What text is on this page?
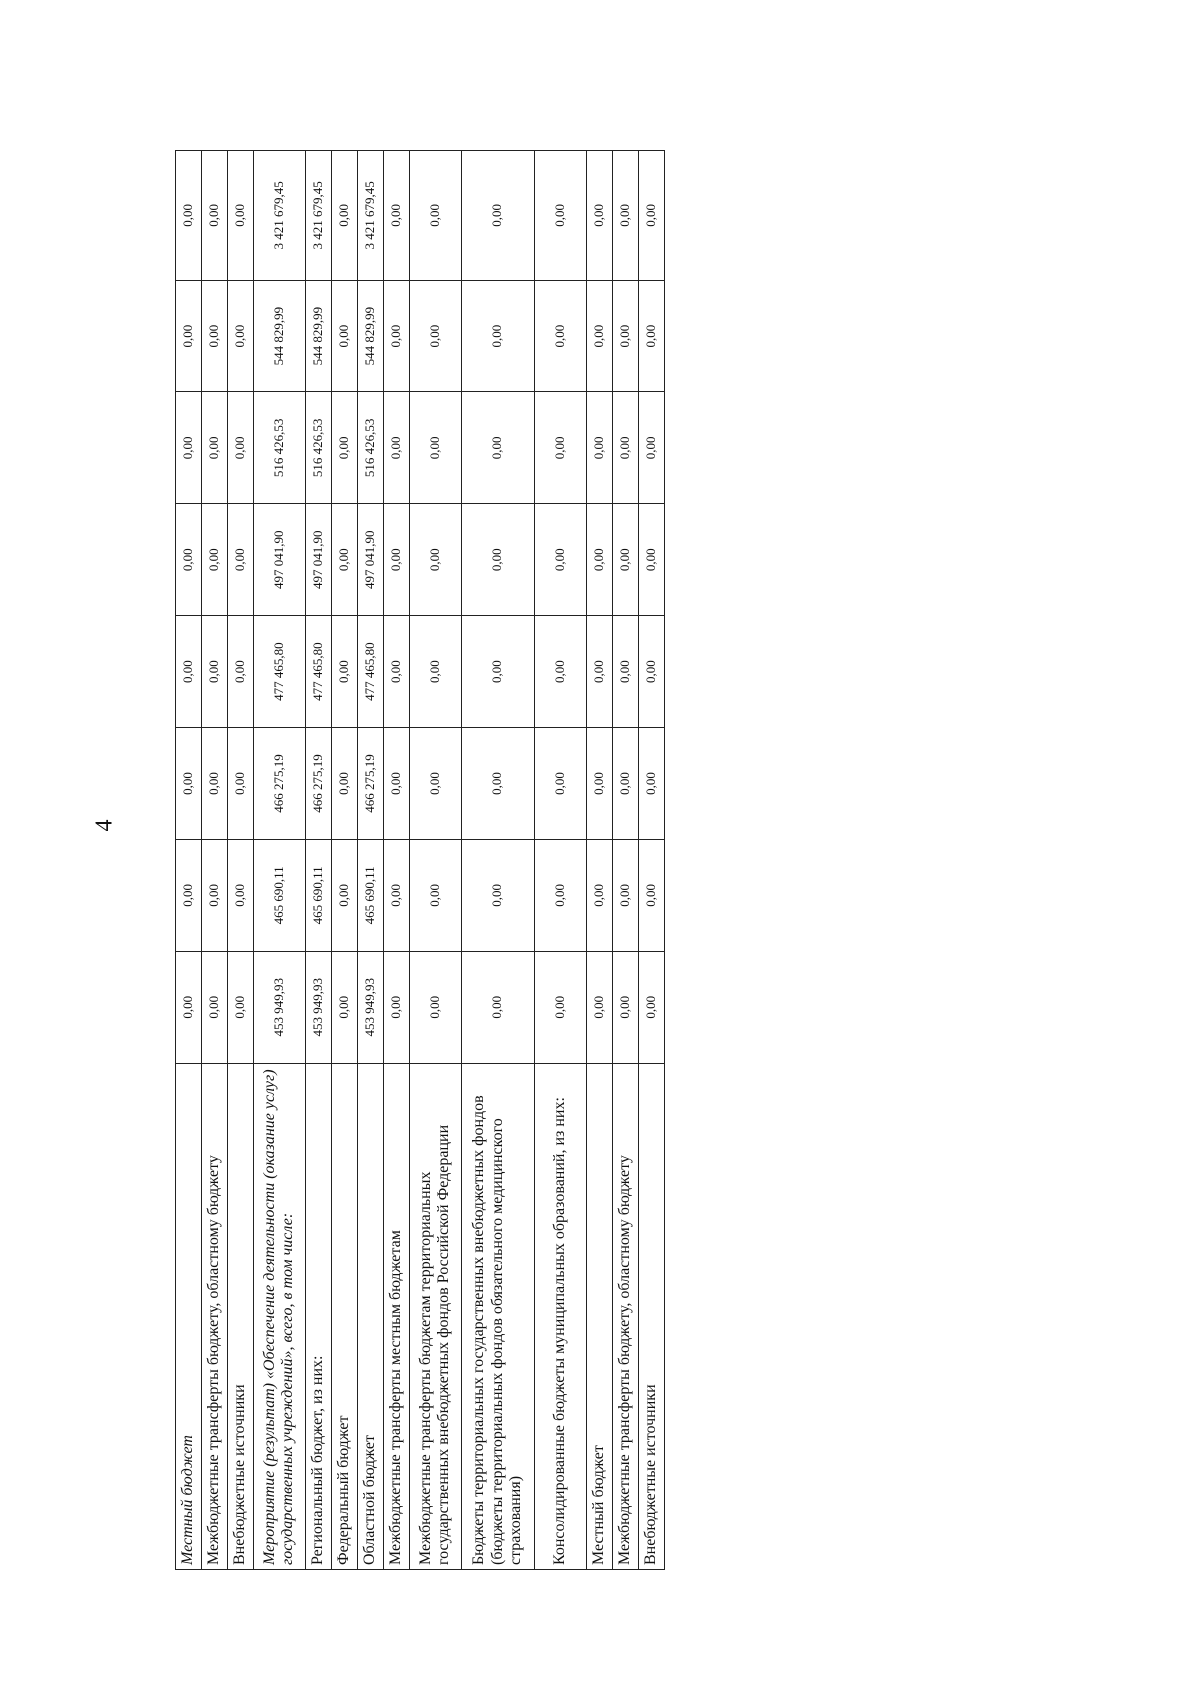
4
Местный бюджет	0,00	0,00	0,00	0,00	0,00	0,00	0,00	0,00
Межбюджетные трансферты бюджету, областному бюджету	0,00	0,00	0,00	0,00	0,00	0,00	0,00	0,00
Внебюджетные источники	0,00	0,00	0,00	0,00	0,00	0,00	0,00	0,00
Мероприятие (результат) «Обеспечение деятельности (оказание услуг) государственных учреждений», всего, в том числе:	453 949,93	465 690,11	466 275,19	477 465,80	497 041,90	516 426,53	544 829,99	3 421 679,45
Региональный бюджет, из них:	453 949,93	465 690,11	466 275,19	477 465,80	497 041,90	516 426,53	544 829,99	3 421 679,45
Федеральный бюджет	0,00	0,00	0,00	0,00	0,00	0,00	0,00	0,00
Областной бюджет	453 949,93	465 690,11	466 275,19	477 465,80	497 041,90	516 426,53	544 829,99	3 421 679,45
Межбюджетные трансферты местным бюджетам	0,00	0,00	0,00	0,00	0,00	0,00	0,00	0,00
Межбюджетные трансферты бюджетам территориальных государственных внебюджетных фондов Российской Федерации	0,00	0,00	0,00	0,00	0,00	0,00	0,00	0,00
Бюджеты территориальных государственных внебюджетных фондов (бюджеты территориальных фондов обязательного медицинского страхования)	0,00	0,00	0,00	0,00	0,00	0,00	0,00	0,00
Консолидированные бюджеты муниципальных образований, из них:	0,00	0,00	0,00	0,00	0,00	0,00	0,00	0,00
Местный бюджет	0,00	0,00	0,00	0,00	0,00	0,00	0,00	0,00
Межбюджетные трансферты бюджету, областному бюджету	0,00	0,00	0,00	0,00	0,00	0,00	0,00	0,00
Внебюджетные источники	0,00	0,00	0,00	0,00	0,00	0,00	0,00	0,00
